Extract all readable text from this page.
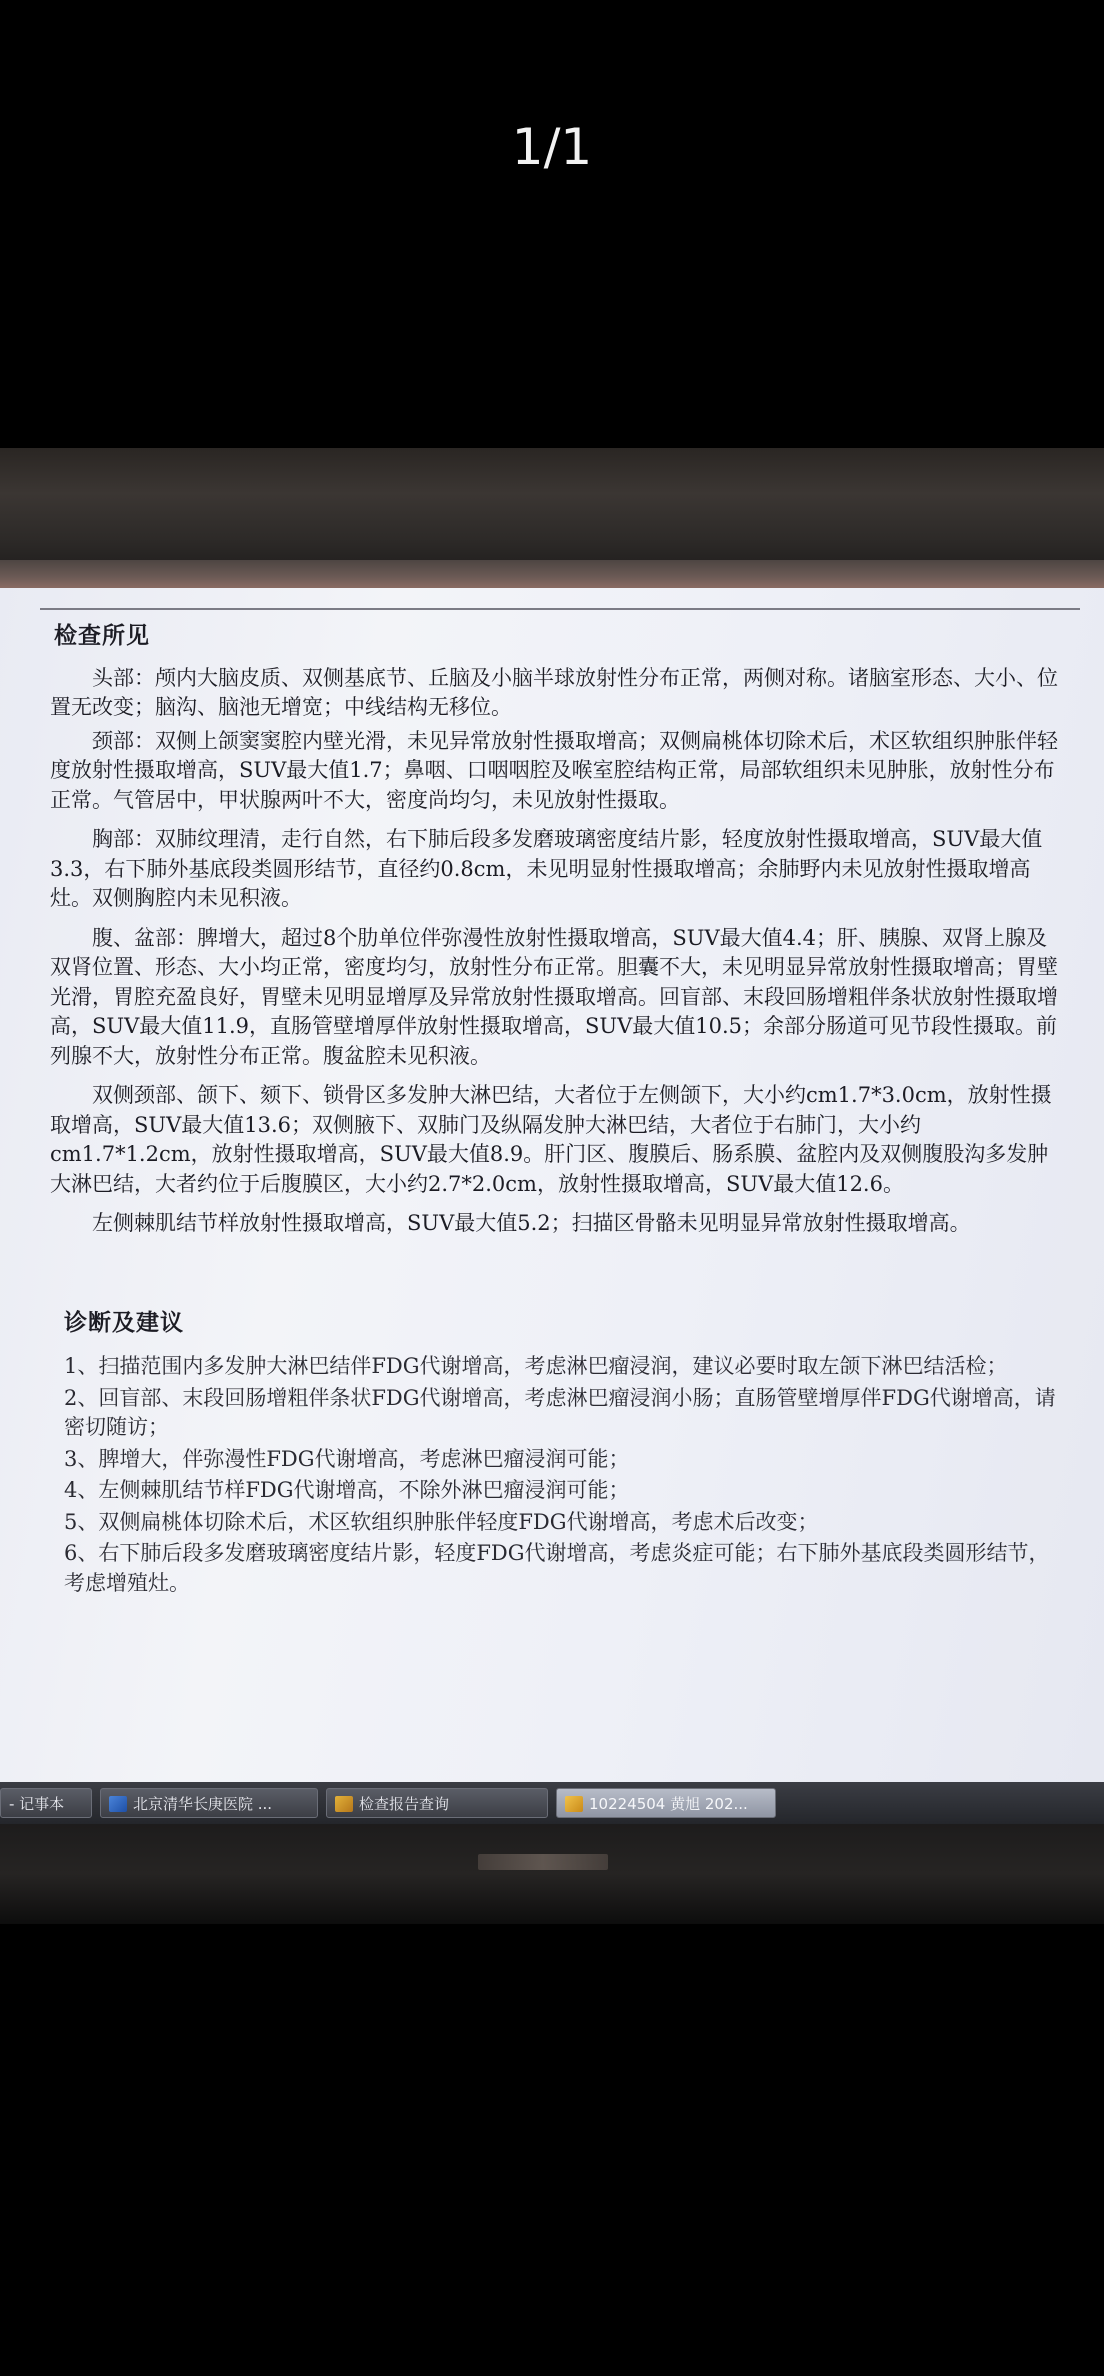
1/1
检查所见

头部：颅内大脑皮质、双侧基底节、丘脑及小脑半球放射性分布正常，两侧对称。诸脑室形态、大小、位置无改变；脑沟、脑池无增宽；中线结构无移位。

颈部：双侧上颌窦窦腔内壁光滑，未见异常放射性摄取增高；双侧扁桃体切除术后，术区软组织肿胀伴轻度放射性摄取增高，SUV最大值1.7；鼻咽、口咽咽腔及喉室腔结构正常，局部软组织未见肿胀，放射性分布正常。气管居中，甲状腺两叶不大，密度尚均匀，未见放射性摄取。

胸部：双肺纹理清，走行自然，右下肺后段多发磨玻璃密度结片影，轻度放射性摄取增高，SUV最大值3.3，右下肺外基底段类圆形结节，直径约0.8cm，未见明显射性摄取增高；余肺野内未见放射性摄取增高灶。双侧胸腔内未见积液。

腹、盆部：脾增大，超过8个肋单位伴弥漫性放射性摄取增高，SUV最大值4.4；肝、胰腺、双肾上腺及双肾位置、形态、大小均正常，密度均匀，放射性分布正常。胆囊不大，未见明显异常放射性摄取增高；胃壁光滑，胃腔充盈良好，胃壁未见明显增厚及异常放射性摄取增高。回盲部、末段回肠增粗伴条状放射性摄取增高，SUV最大值11.9，直肠管壁增厚伴放射性摄取增高，SUV最大值10.5；余部分肠道可见节段性摄取。前列腺不大，放射性分布正常。腹盆腔未见积液。

双侧颈部、颌下、颏下、锁骨区多发肿大淋巴结，大者位于左侧颌下，大小约cm1.7*3.0cm，放射性摄取增高，SUV最大值13.6；双侧腋下、双肺门及纵隔发肿大淋巴结，大者位于右肺门，大小约cm1.7*1.2cm，放射性摄取增高，SUV最大值8.9。肝门区、腹膜后、肠系膜、盆腔内及双侧腹股沟多发肿大淋巴结，大者约位于后腹膜区，大小约2.7*2.0cm，放射性摄取增高，SUV最大值12.6。

左侧棘肌结节样放射性摄取增高，SUV最大值5.2；扫描区骨骼未见明显异常放射性摄取增高。

诊断及建议
1、扫描范围内多发肿大淋巴结伴FDG代谢增高，考虑淋巴瘤浸润，建议必要时取左颌下淋巴结活检；
2、回盲部、末段回肠增粗伴条状FDG代谢增高，考虑淋巴瘤浸润小肠；直肠管壁增厚伴FDG代谢增高，请密切随访；
3、脾增大，伴弥漫性FDG代谢增高，考虑淋巴瘤浸润可能；
4、左侧棘肌结节样FDG代谢增高，不除外淋巴瘤浸润可能；
5、双侧扁桃体切除术后，术区软组织肿胀伴轻度FDG代谢增高，考虑术后改变；
6、右下肺后段多发磨玻璃密度结片影，轻度FDG代谢增高，考虑炎症可能；右下肺外基底段类圆形结节，考虑增殖灶。
- 记事本	北京清华长庚医院 ...	检查报告查询	10224504 黄旭 202...
